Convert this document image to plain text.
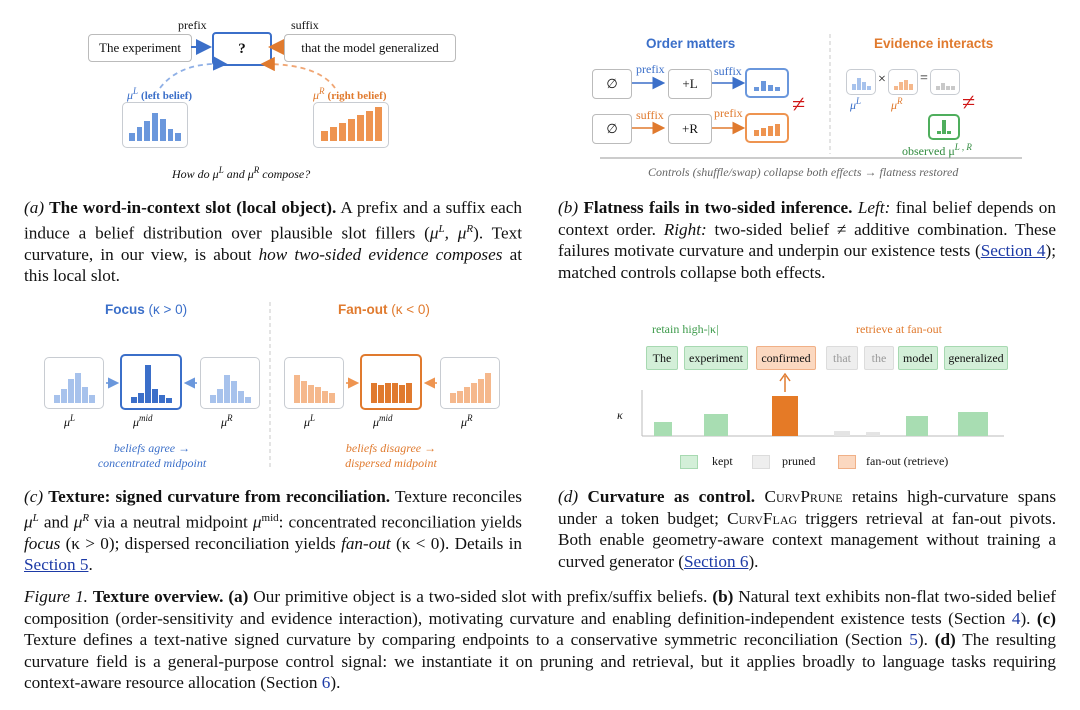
prefix	suffix
The experiment	?	that the model generalized
$\mu^L$ (left belief)	$\mu^R$ (right belief)
How do $\mu^L$ and $\mu^R$ compose?
(a) The word-in-context slot (local object). A prefix and a suffix each induce a belief distribution over plausible slot fillers ($\mu^L$, $\mu^R$). Text curvature, in our view, is about how two-sided evidence composes at this local slot.
Order matters	Evidence interacts
∅	+L
prefix	suffix
∅	+R
suffix	prefix ≠
× =
$\mu^L$ $\mu^R$ ≠
observed $\mu^{L , R}$
Controls (shuffle/swap) collapse both effects → flatness restored
(b) Flatness fails in two-sided inference. Left: final belief depends on context order. Right: two-sided belief ≠ additive combination. These failures motivate curvature and underpin our existence tests (Section 4); matched controls collapse both effects.
Focus (κ > 0)	Fan-out (κ < 0)
$\mu^L$	$\mu^{mid}$	$\mu^R$	$\mu^L$	$\mu^{mid}$	$\mu^R$
beliefs agree →
concentrated midpoint
beliefs disagree →
dispersed midpoint
(c) Texture: signed curvature from reconciliation. Texture reconciles $\mu^L$ and $\mu^R$ via a neutral midpoint $\mu^{mid}$: concentrated reconciliation yields focus (κ > 0); dispersed reconciliation yields fan-out (κ < 0). Details in Section 5.
retain high-|κ|	retrieve at fan-out
The	experiment	confirmed	that	the	model	generalized
κ
kept	pruned	fan-out (retrieve)
(d) Curvature as control. CurvPrune retains high-curvature spans under a token budget; CurvFlag triggers retrieval at fan-out pivots. Both enable geometry-aware context management without training a curved generator (Section 6).
Figure 1. Texture overview. (a) Our primitive object is a two-sided slot with prefix/suffix beliefs. (b) Natural text exhibits non-flat two-sided belief composition (order-sensitivity and evidence interaction), motivating curvature and enabling definition-independent existence tests (Section 4). (c) Texture defines a text-native signed curvature by comparing endpoints to a conservative symmetric reconciliation (Section 5). (d) The resulting curvature field is a general-purpose control signal: we instantiate it on pruning and retrieval, but it applies broadly to language tasks requiring context-aware resource allocation (Section 6).
